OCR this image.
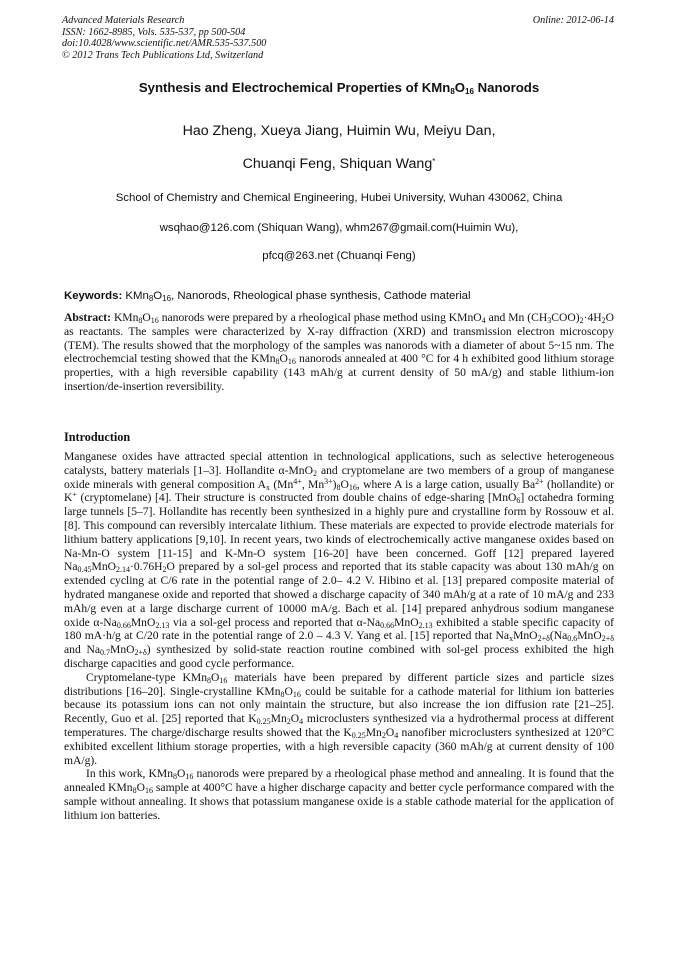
Advanced Materials Research
ISSN: 1662-8985, Vols. 535-537, pp 500-504
doi:10.4028/www.scientific.net/AMR.535-537.500
© 2012 Trans Tech Publications Ltd, Switzerland
Online: 2012-06-14
Synthesis and Electrochemical Properties of $KMn_8O_{16}$ Nanorods
Hao Zheng, Xueya Jiang, Huimin Wu, Meiyu Dan,
Chuanqi Feng, Shiquan Wang*
School of Chemistry and Chemical Engineering, Hubei University, Wuhan 430062, China
wsqhao@126.com (Shiquan Wang), whm267@gmail.com(Huimin Wu),
pfcq@263.net (Chuanqi Feng)
Keywords: $KMn_8O_{16}$, Nanorods, Rheological phase synthesis, Cathode material

Abstract: $KMn_8O_{16}$ nanorods were prepared by a rheological phase method using KMnO$_4$ and Mn $(CH_3COO)_2\cdot 4H_2O$ as reactants. The samples were characterized by X-ray diffraction (XRD) and transmission electron microscopy (TEM). The results showed that the morphology of the samples was nanorods with a diameter of about 5~15 nm. The electrochemcial testing showed that the $KMn_8O_{16}$ nanorods annealed at 400 °C for 4 h exhibited good lithium storage properties, with a high reversible capability (143 mAh/g at current density of 50 mA/g) and stable lithium-ion insertion/de-insertion reversibility.

Introduction

Manganese oxides have attracted special attention in technological applications, such as selective heterogeneous catalysts, battery materials [1–3]. Hollandite α-MnO$_2$ and cryptomelane are two members of a group of manganese oxide minerals with general composition $A_x$ ($Mn^{4+}$, $Mn^{3+})_8O_{16}$, where A is a large cation, usually $Ba^{2+}$ (hollandite) or K+ (cryptomelane) [4]. Their structure is constructed from double chains of edge-sharing [MnO$_6$] octahedra forming large tunnels [5–7]. Hollandite has recently been synthesized in a highly pure and crystalline form by Rossouw et al. [8]. This compound can reversibly intercalate lithium. These materials are expected to provide electrode materials for lithium battery applications [9,10]. In recent years, two kinds of electrochemically active manganese oxides based on Na-Mn-O system [11-15] and K-Mn-O system [16-20] have been concerned. Goff [12] prepared layered $Na_{0.45}MnO_{2.14}\cdot 0.76H_2O$ prepared by a sol-gel process and reported that its stable capacity was about 130 mAh/g on extended cycling at C/6 rate in the potential range of 2.0– 4.2 V. Hibino et al. [13] prepared composite material of hydrated manganese oxide and reported that showed a discharge capacity of 340 mAh/g at a rate of 10 mA/g and 233 mAh/g even at a large discharge current of 10000 mA/g. Bach et al. [14] prepared anhydrous sodium manganese oxide $\alpha-Na_{0.66}MnO_{2.13}$ via a sol-gel process and reported that $\alpha-Na_{0.66}MnO_{2.13}$ exhibited a stable specific capacity of 180 mA·h/g at C/20 rate in the potential range of 2.0 – 4.3 V. Yang et al. [15] reported that $Na_xMnO_{2+\delta}(Na_{0.6}MnO_{2+\delta}$ and $Na_{0.7}MnO_{2+\delta}$) synthesized by solid-state reaction routine combined with sol-gel process exhibited the high discharge capacities and good cycle performance.

Cryptomelane-type $KMn_8O_{16}$ materials have been prepared by different particle sizes and particle sizes distributions [16–20]. Single-crystalline $KMn_8O_{16}$ could be suitable for a cathode material for lithium ion batteries because its potassium ions can not only maintain the structure, but also increase the ion diffusion rate [21–25]. Recently, Guo et al. [25] reported that $K_{0.25}Mn_2O_4$ microclusters synthesized via a hydrothermal process at different temperatures. The charge/discharge results showed that the $K_{0.25}Mn_2O_4$ nanofiber microclusters synthesized at 120°C exhibited excellent lithium storage properties, with a high reversible capacity (360 mAh/g at current density of 100 mA/g).

In this work, $KMn_8O_{16}$ nanorods were prepared by a rheological phase method and annealing. It is found that the annealed $KMn_8O_{16}$ sample at 400°C have a higher discharge capacity and better cycle performance compared with the sample without annealing. It shows that potassium manganese oxide is a stable cathode material for the application of lithium ion batteries.
